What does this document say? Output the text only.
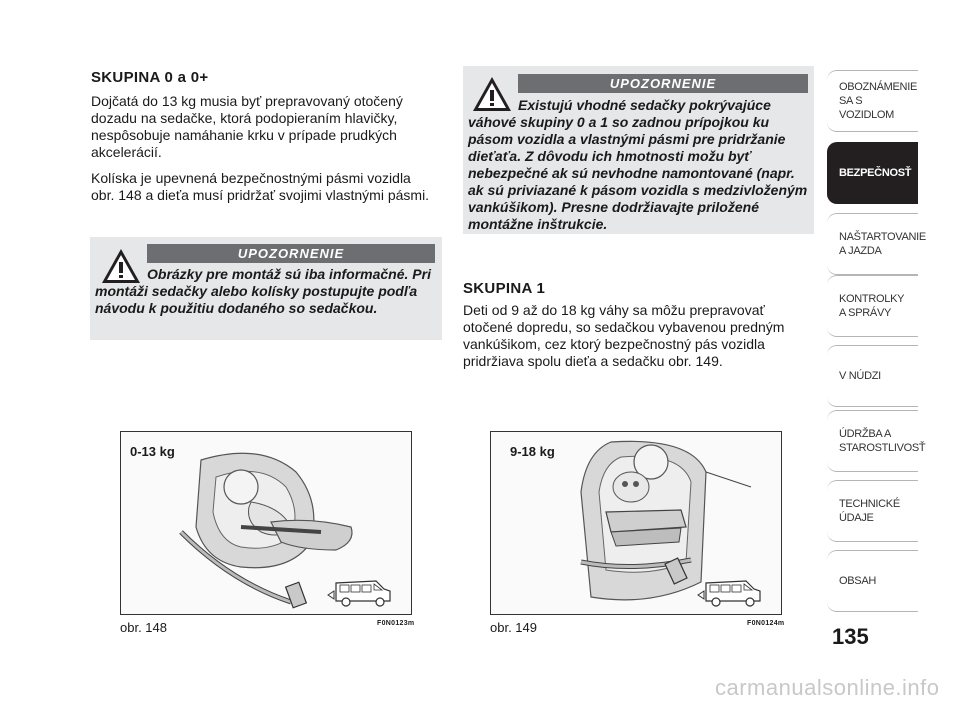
SKUPINA 0 a 0+

Dojčatá do 13 kg musia byť prepravovaný otočený dozadu na sedačke, ktorá podopieraním hlavičky, nespôsobuje namáhanie krku v prípade prudkých akcelerácií.

Kolíska je upevnená bezpečnostnými pásmi vozidla obr. 148 a dieťa musí pridržať svojimi vlastnými pásmi.

UPOZORNENIE
Obrázky pre montáž sú iba informačné. Pri montáži sedačky alebo kolísky postupujte podľa návodu k použitiu dodaného so sedačkou.
UPOZORNENIE
Existujú vhodné sedačky pokrývajúce váhové skupiny 0 a 1 so zadnou prípojkou ku pásom vozidla a vlastnými pásmi pre pridržanie dieťaťa. Z dôvodu ich hmotnosti možu byť nebezpečné ak sú nevhodne namontované (napr. ak sú priviazané k pásom vozidla s medzivloženým vankúšikom). Presne dodržiavajte priložené montážne inštrukcie.
SKUPINA 1

Deti od 9 až do 18 kg váhy sa môžu prepravovať otočené dopredu, so sedačkou vybavenou predným vankúšikom, cez ktorý bezpečnostný pás vozidla pridržiava spolu dieťa a sedačku obr. 149.

0-13 kg
obr. 148	F0N0123m
9-18 kg
obr. 149	F0N0124m
OBOZNÁMENIE
SA S VOZIDLOM
BEZPEČNOSŤ
NAŠTARTOVANIE
A JAZDA
KONTROLKY
A SPRÁVY
V NÚDZI
ÚDRŽBA A
STAROSTLIVOSŤ
TECHNICKÉ
ÚDAJE
OBSAH
135
carmanualsonline.info
